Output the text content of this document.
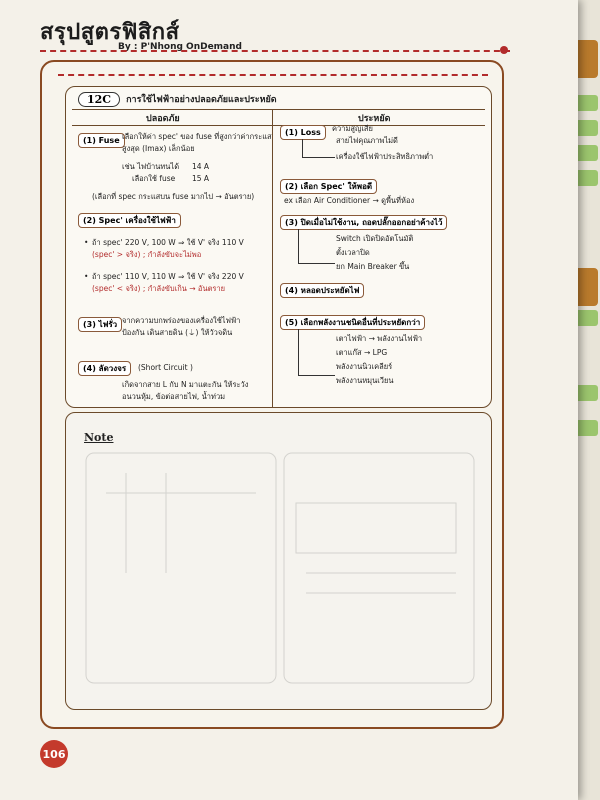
สรุปสูตรฟิสิกส์
By : P'Nhong OnDemand
12C	การใช้ไฟฟ้าอย่างปลอดภัยและประหยัด
ปลอดภัย	ประหยัด
(1) Fuse เลือกให้ค่า spec' ของ fuse ที่สูงกว่าค่ากระแส
สูงสุด (Imax) เล็กน้อย
เช่น ไฟบ้านทนได้ 14 A
เลือกใช้ fuse 15 A
(เลือกที่ spec กระแสบน fuse มากไป → อันตราย)
(2) Spec' เครื่องใช้ไฟฟ้า
• ถ้า spec' 220 V, 100 W ⇒ ใช้ V' จริง 110 V
(spec' > จริง) ; กำลังขับจะไม่พอ
• ถ้า spec' 110 V, 110 W ⇒ ใช้ V' จริง 220 V
(spec' < จริง) ; กำลังขับเกิน → อันตราย
(3) ไฟรั่ว จากความบกพร่องของเครื่องใช้ไฟฟ้า
ป้องกัน เดินสายดิน (⏚) ให้วัวจดิน
(4) ลัดวงจร	(Short Circuit )
เกิดจากสาย L กับ N มาแตะกัน ให้ระวัง
อนวนหุ้ม, ข้อต่อสายไฟ, น้ำท่วม
(1) Loss	ความสูญเสีย
สายไฟคุณภาพไม่ดี
เครื่องใช้ไฟฟ้าประสิทธิภาพต่ำ
(2) เลือก Spec' ให้พอดี
ex เลือก Air Conditioner → ดูพื้นที่ห้อง
(3) ปิดเมื่อไม่ใช้งาน, ถอดปลั๊กออกอย่าค้างไว้
Switch เปิดปิดอัตโนมัติ
ตั้งเวลาปิด
ยก Main Breaker ขึ้น
(4) หลอดประหยัดไฟ
(5) เลือกพลังงานชนิดอื่นที่ประหยัดกว่า
เตาไฟฟ้า → พลังงานไฟฟ้า
เตาแก๊ส → LPG
พลังงานนิวเคลียร์
พลังงานหมุนเวียน
Note
106
